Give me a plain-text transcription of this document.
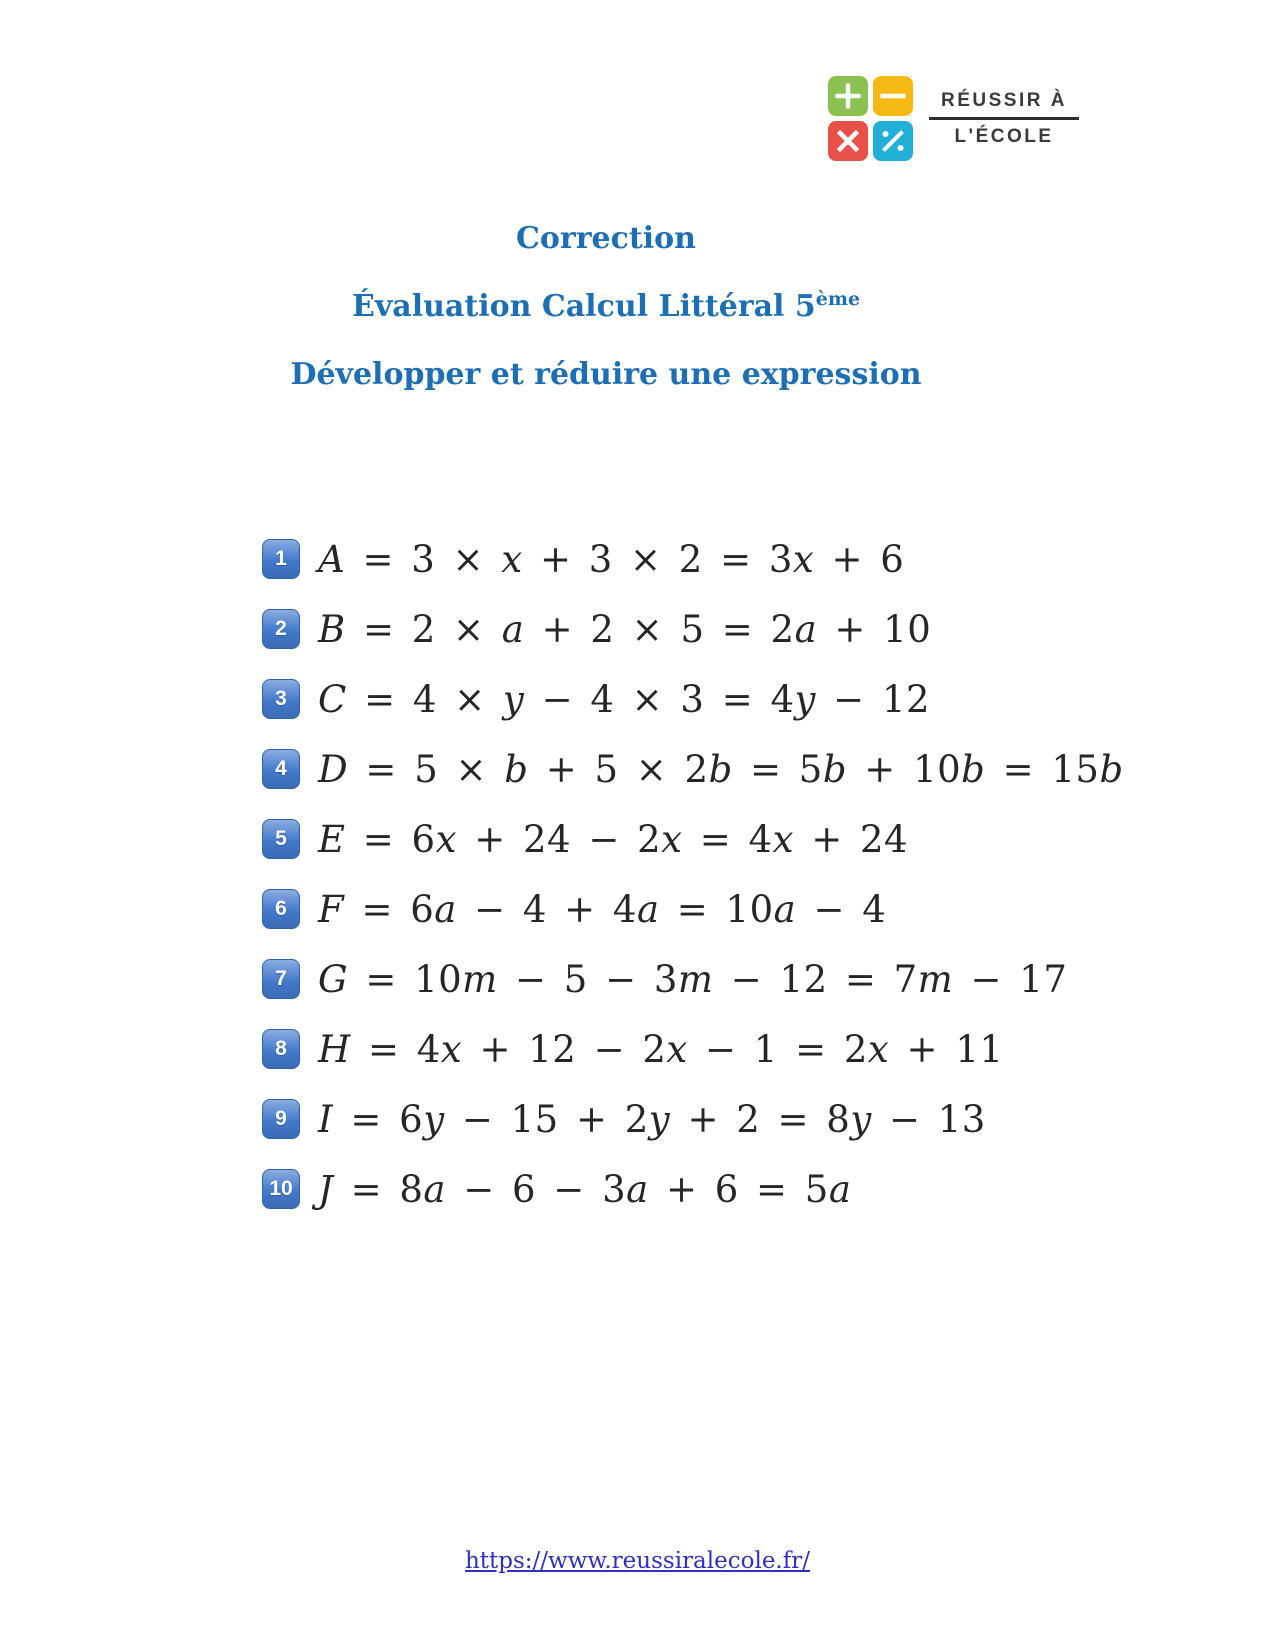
RÉUSSIR À
L'ÉCOLE

Correction

Évaluation Calcul Littéral 5ème

Développer et réduire une expression

1 A = 3 × x + 3 × 2 = 3x + 6
2 B = 2 × a + 2 × 5 = 2a + 10
3 C = 4 × y − 4 × 3 = 4y − 12
4 D = 5 × b + 5 × 2b = 5b + 10b = 15b
5 E = 6x + 24 − 2x = 4x + 24
6 F = 6a − 4 + 4a = 10a − 4
7 G = 10m − 5 − 3m − 12 = 7m − 17
8 H = 4x + 12 − 2x − 1 = 2x + 11
9 I = 6y − 15 + 2y + 2 = 8y − 13
10 J = 8a − 6 − 3a + 6 = 5a
https://www.reussiralecole.fr/
